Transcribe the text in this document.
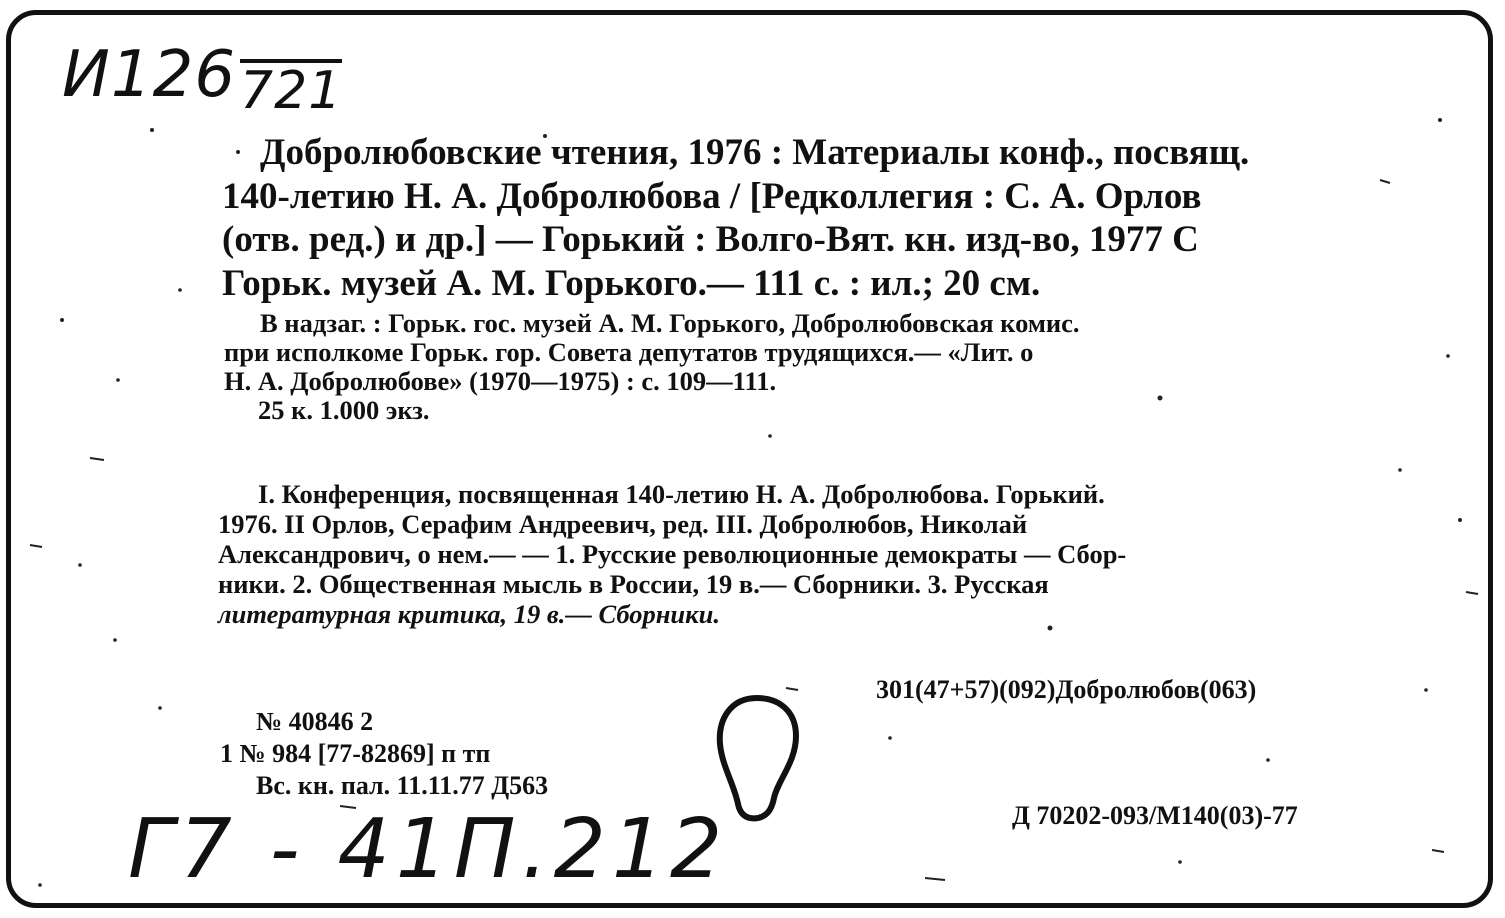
И126721
Добролюбовские чтения, 1976 : Материалы конф., посвящ.
140-летию Н. А. Добролюбова / [Редколлегия : С. А. Орлов
(отв. ред.) и др.] — Горький : Волго-Вят. кн. изд-во, 1977 С
Горьк. музей А. М. Горького.— 111 с. : ил.; 20 см.
В надзаг. : Горьк. гос. музей А. М. Горького, Добролюбовская комис.
при исполкоме Горьк. гор. Совета депутатов трудящихся.— «Лит. о
Н. А. Добролюбове» (1970—1975) : с. 109—111.
25 к. 1.000 экз.
I. Конференция, посвященная 140-летию Н. А. Добролюбова. Горький.
1976. II Орлов, Серафим Андреевич, ред. III. Добролюбов, Николай
Александрович, о нем.— — 1. Русские революционные демократы — Сбор-
ники. 2. Общественная мысль в России, 19 в.— Сборники. 3. Русская
литературная критика, 19 в.— Сборники.
301(47+57)(092)Добролюбов(063)
№ 40846 2
1 № 984 [77-82869] п тп
Вс. кн. пал. 11.11.77 Д563
Д 70202-093/М140(03)-77
Г7 - 41П.212
